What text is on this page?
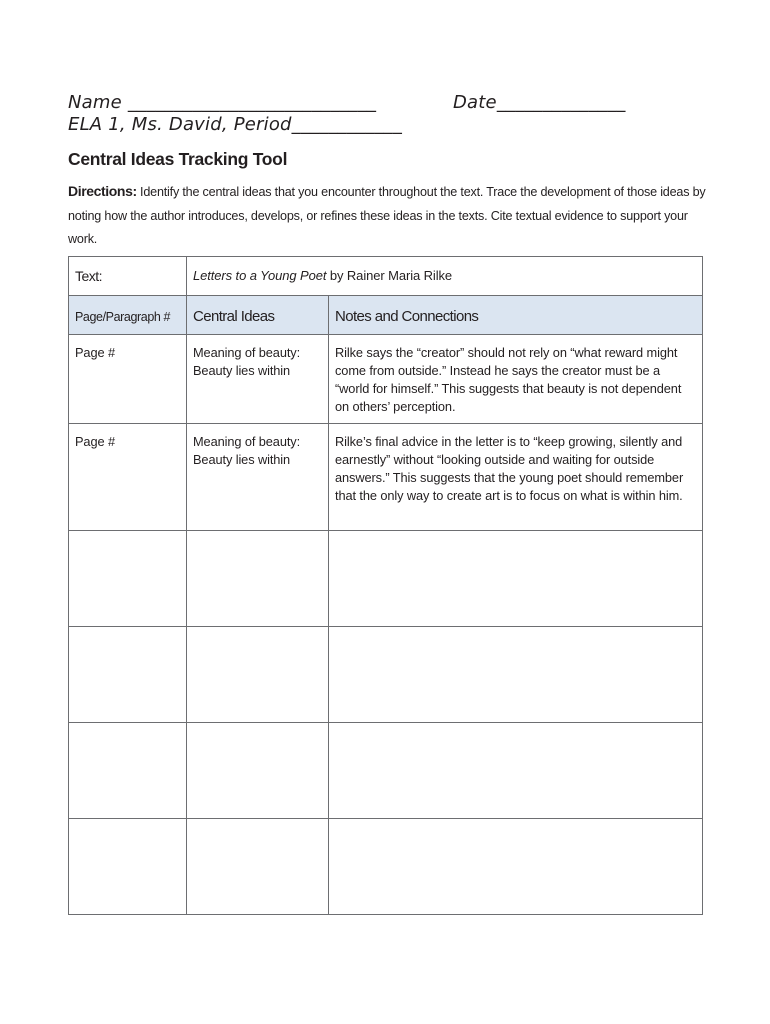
Name ___________________________	Date______________
ELA 1, Ms. David, Period____________
Central Ideas Tracking Tool
Directions: Identify the central ideas that you encounter throughout the text. Trace the development of those ideas by noting how the author introduces, develops, or refines these ideas in the texts. Cite textual evidence to support your work.
Text:	Letters to a Young Poet by Rainer Maria Rilke	

Page/Paragraph #	Central Ideas	Notes and Connections

Page #	Meaning of beauty: Beauty lies within	Rilke says the “creator” should not rely on “what reward might come from outside.” Instead he says the creator must be a “world for himself.” This suggests that beauty is not dependent on others’ perception.

Page #	Meaning of beauty: Beauty lies within	Rilke’s final advice in the letter is to “keep growing, silently and earnestly” without “looking outside and waiting for outside answers.” This suggests that the young poet should remember that the only way to create art is to focus on what is within him.
